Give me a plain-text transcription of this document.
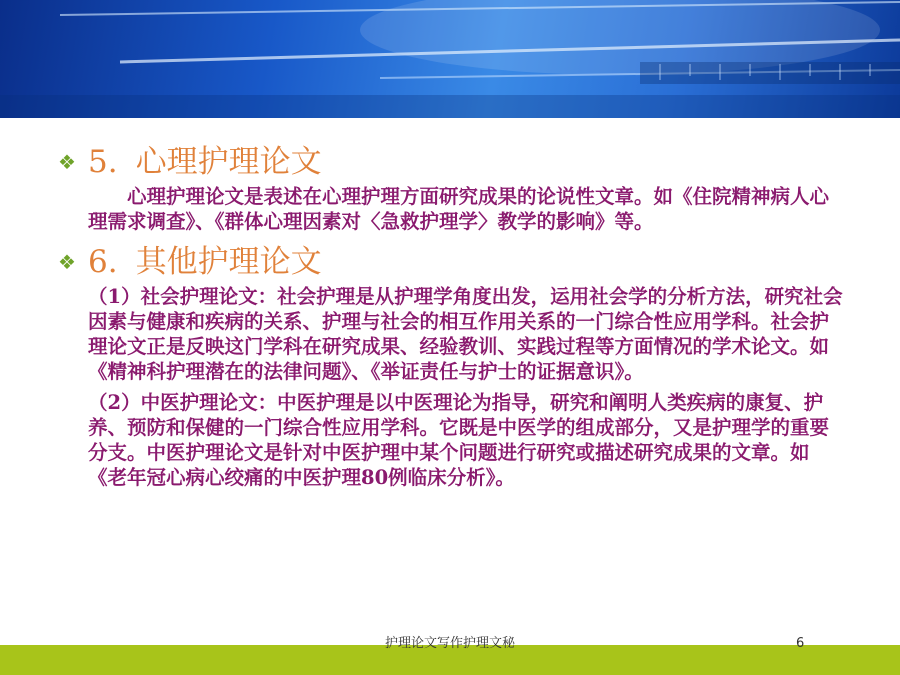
❖ 5. 心理护理论文

　　心理护理论文是表述在心理护理方面研究成果的论说性文章。如《住院精神病人心理需求调查》、《群体心理因素对〈急救护理学〉教学的影响》等。

❖ 6. 其他护理论文

（1）社会护理论文：社会护理是从护理学角度出发，运用社会学的分析方法，研究社会因素与健康和疾病的关系、护理与社会的相互作用关系的一门综合性应用学科。社会护理论文正是反映这门学科在研究成果、经验教训、实践过程等方面情况的学术论文。如《精神科护理潜在的法律问题》、《举证责任与护士的证据意识》。

（2）中医护理论文：中医护理是以中医理论为指导，研究和阐明人类疾病的康复、护养、预防和保健的一门综合性应用学科。它既是中医学的组成部分，又是护理学的重要分支。中医护理论文是针对中医护理中某个问题进行研究或描述研究成果的文章。如《老年冠心病心绞痛的中医护理80例临床分析》。

护理论文写作护理文秘	6
